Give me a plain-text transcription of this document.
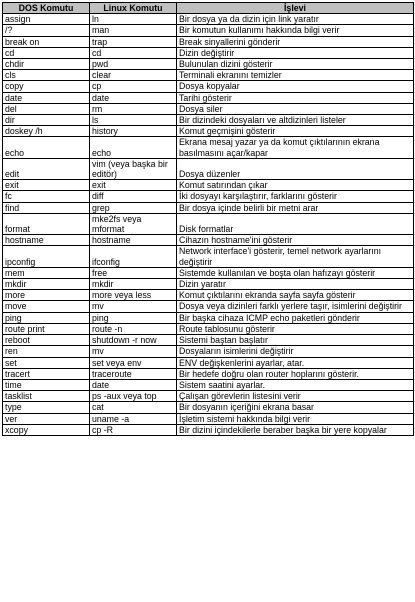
DOS Komutu	Linux Komutu	İşlevi
assign	ln	Bir dosya ya da dizin için link yaratır
/?	man	Bir komutun kullanımı hakkında bilgi verir
break on	trap	Break sinyallerini gönderir
cd	cd	Dizin değiştirir
chdir	pwd	Bulunulan dizini gösterir
cls	clear	Terminali ekranını temizler
copy	cp	Dosya kopyalar
date	date	Tarihi gösterir
del	rm	Dosya siler
dir	ls	Bir dizindeki dosyaları ve altdizinleri listeler
doskey /h	history	Komut geçmişini gösterir
echo	echo	Ekrana mesaj yazar ya da komut çıktılarının ekrana basılmasını açar/kapar
edit	vim (veya başka bir editör)	Dosya düzenler
exit	exit	Komut satırından çıkar
fc	diff	İki dosyayı karşılaştırır, farklarını gösterir
find	grep	Bir dosya içinde belirli bir metni arar
format	mke2fs veya mformat	Disk formatlar
hostname	hostname	Cihazın hostname'ini gösterir
ipconfig	ifconfig	Network interface'i gösterir, temel network ayarlarını değiştirir
mem	free	Sistemde kullanılan ve boşta olan hafızayı gösterir
mkdir	mkdir	Dizin yaratır
more	more veya less	Komut çıktılarını ekranda sayfa sayfa gösterir
move	mv	Dosya veya dizinleri farklı yerlere taşır, isimlerini değiştirir
ping	ping	Bir başka cihaza ICMP echo paketleri gönderir
route print	route -n	Route tablosunu gösterir
reboot	shutdown -r now	Sistemi baştan başlatır
ren	mv	Dosyaların isimlerini değiştirir
set	set veya env	ENV değişkenlerini ayarlar, atar.
tracert	traceroute	Bir hedefe doğru olan router hoplarını gösterir.
time	date	Sistem saatini ayarlar.
tasklist	ps -aux veya top	Çalışan görevlerin listesini verir
type	cat	Bir dosyanın içeriğini ekrana basar
ver	uname -a	İşletim sistemi hakkında bilgi verir
xcopy	cp -R	Bir dizini içindekilerle beraber başka bir yere kopyalar
